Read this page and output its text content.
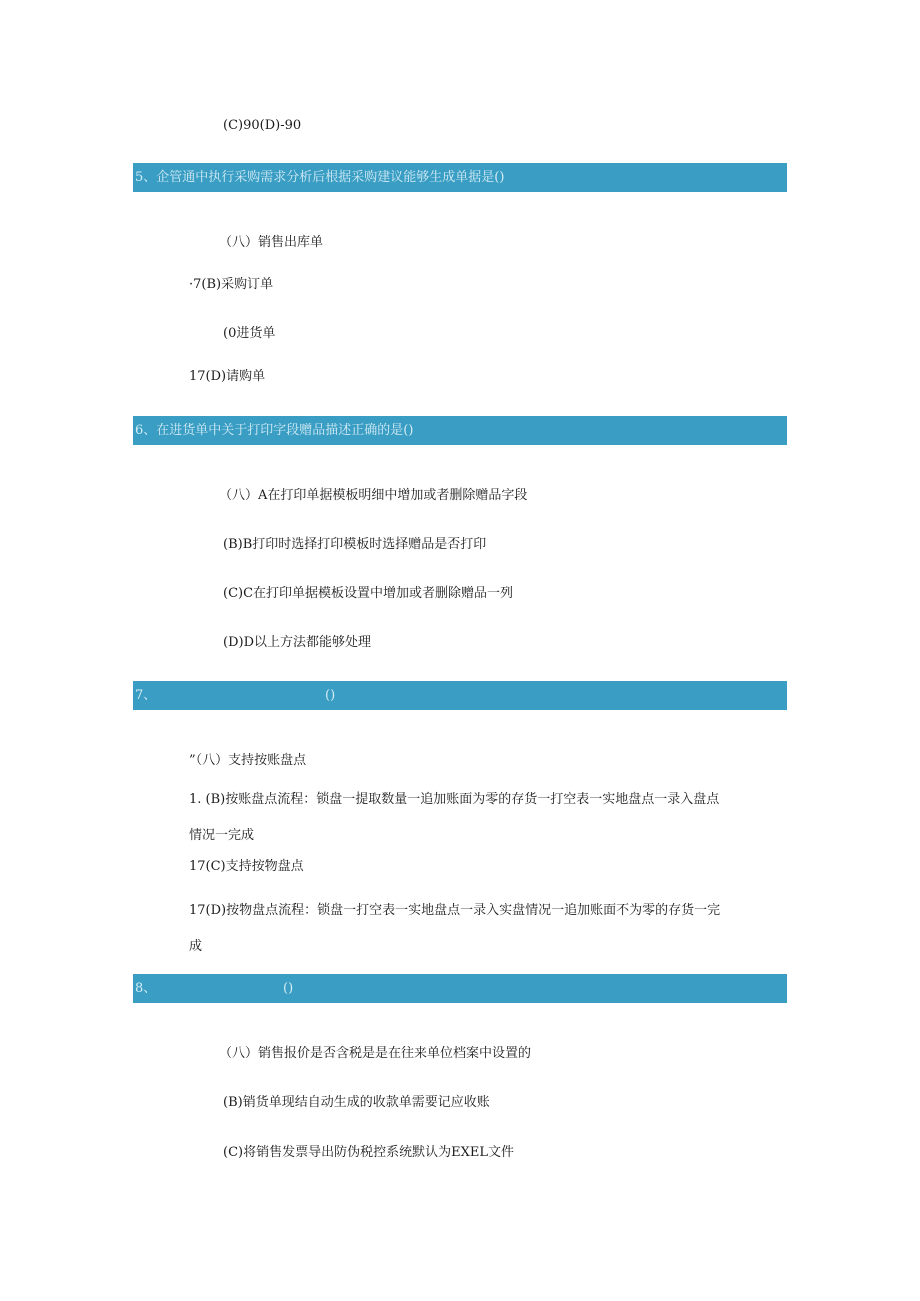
(C)90(D)-90
5、企管通中执行采购需求分析后根据采购建议能够生成单据是()
（八）销售出库单
·7(B)采购订单
(0进货单
17(D)请购单
6、在进货单中关于打印字段赠品描述正确的是()
（八）A在打印单据模板明细中增加或者删除赠品字段
(B)B打印时选择打印模板时选择赠品是否打印
(C)C在打印单据模板设置中增加或者删除赠品一列
(D)D以上方法都能够处理
7、	()
”（八）支持按账盘点
1. (B)按账盘点流程：锁盘一提取数量一追加账面为零的存货一打空表一实地盘点一录入盘点
情况一完成
17(C)支持按物盘点
17(D)按物盘点流程：锁盘一打空表一实地盘点一录入实盘情况一追加账面不为零的存货一完
成
8、	()
（八）销售报价是否含税是是在往来单位档案中设置的
(B)销货单现结自动生成的收款单需要记应收账
(C)将销售发票导出防伪税控系统默认为EXEL文件
